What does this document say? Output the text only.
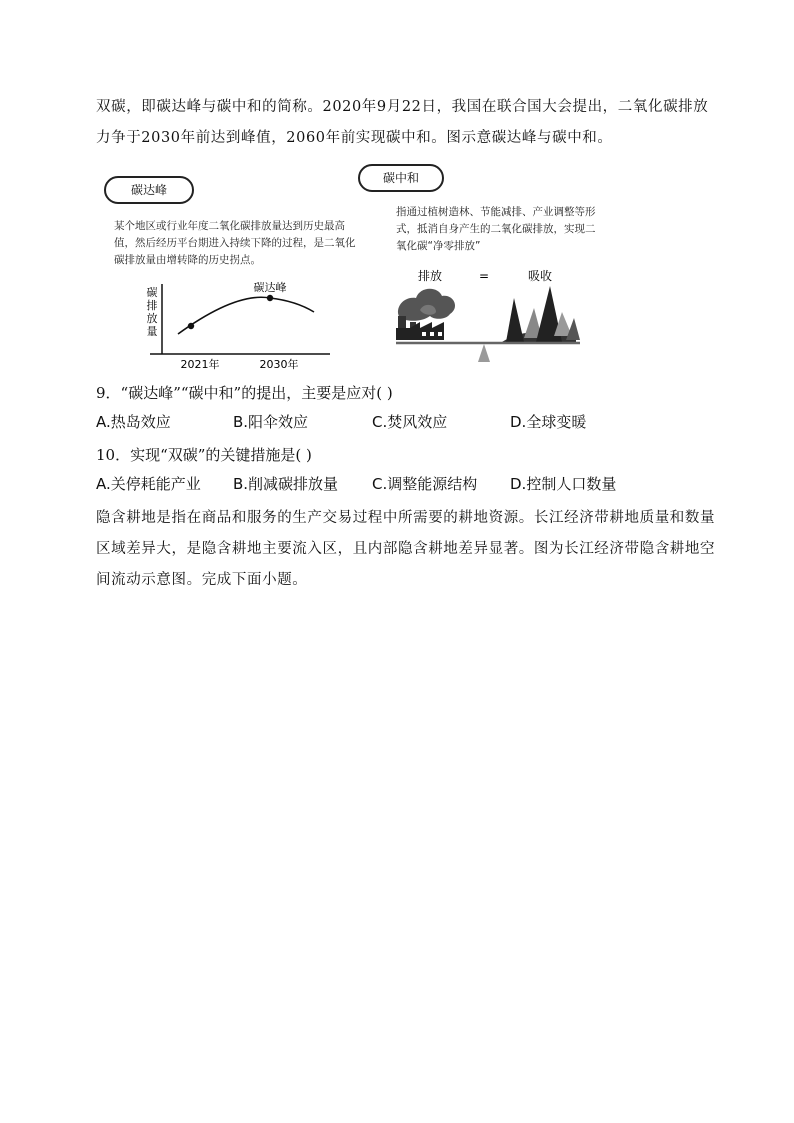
双碳，即碳达峰与碳中和的简称。2020年9月22日，我国在联合国大会提出，二氧化碳排放力争于2030年前达到峰值，2060年前实现碳中和。图示意碳达峰与碳中和。
碳达峰
某个地区或行业年度二氧化碳排放量达到历史最高值，然后经历平台期进入持续下降的过程，是二氧化碳排放量由增转降的历史拐点。
碳
排
放
量
碳达峰
2021年	2030年
碳中和
指通过植树造林、节能减排、产业调整等形式，抵消自身产生的二氧化碳排放，实现二氧化碳“净零排放”
排放	=	吸收
9．“碳达峰”“碳中和”的提出，主要是应对( )
A.热岛效应	B.阳伞效应	C.焚风效应	D.全球变暖
10．实现“双碳”的关键措施是( )
A.关停耗能产业 B.削减碳排放量 C.调整能源结构 D.控制人口数量
隐含耕地是指在商品和服务的生产交易过程中所需要的耕地资源。长江经济带耕地质量和数量区域差异大，是隐含耕地主要流入区，且内部隐含耕地差异显著。图为长江经济带隐含耕地空间流动示意图。完成下面小题。
